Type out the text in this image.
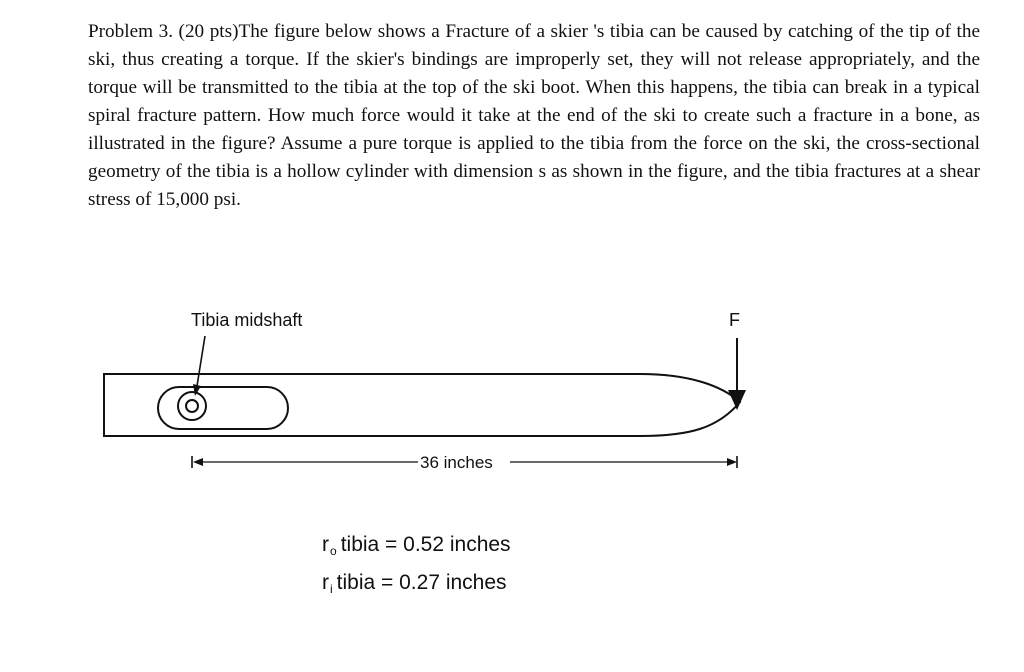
Problem 3. (20 pts)The figure below shows a Fracture of a skier 's tibia can be caused by catching of the tip of the ski, thus creating a torque. If the skier's bindings are improperly set, they will not release appropriately, and the torque will be transmitted to the tibia at the top of the ski boot. When this happens, the tibia can break in a typical spiral fracture pattern. How much force would it take at the end of the ski to create such a fracture in a bone, as illustrated in the figure? Assume a pure torque is applied to the tibia from the force on the ski, the cross-sectional geometry of the tibia is a hollow cylinder with dimension s as shown in the figure, and the tibia fractures at a shear stress of 15,000 psi.

Tibia midshaft	F
36 inches
$r_o$ tibia = 0.52 inches
$r_i$ tibia = 0.27 inches
